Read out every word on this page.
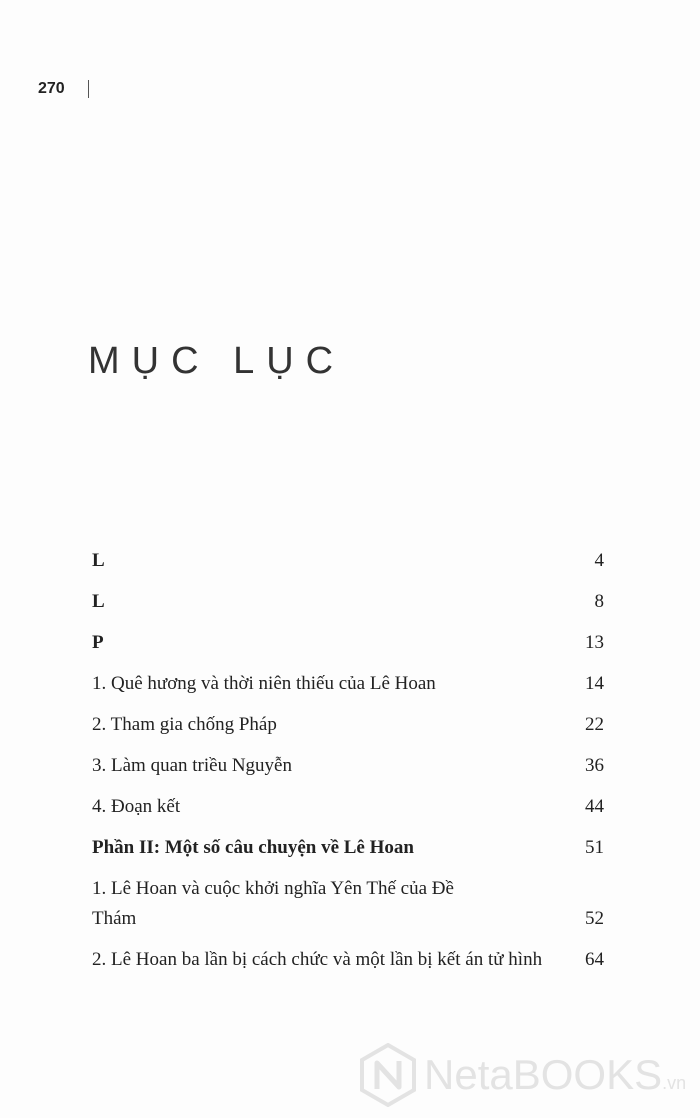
270
MỤC LỤC
L	4
L	8
P	13
1. Quê hương và thời niên thiếu của Lê Hoan	14
2. Tham gia chống Pháp	22
3. Làm quan triều Nguyễn	36
4. Đoạn kết	44
Phần II: Một số câu chuyện về Lê Hoan	51
1. Lê Hoan và cuộc khởi nghĩa Yên Thế của Đề Thám	52
2. Lê Hoan ba lần bị cách chức và một lần bị kết án tử hình	64
NetaBOOKS.vn
